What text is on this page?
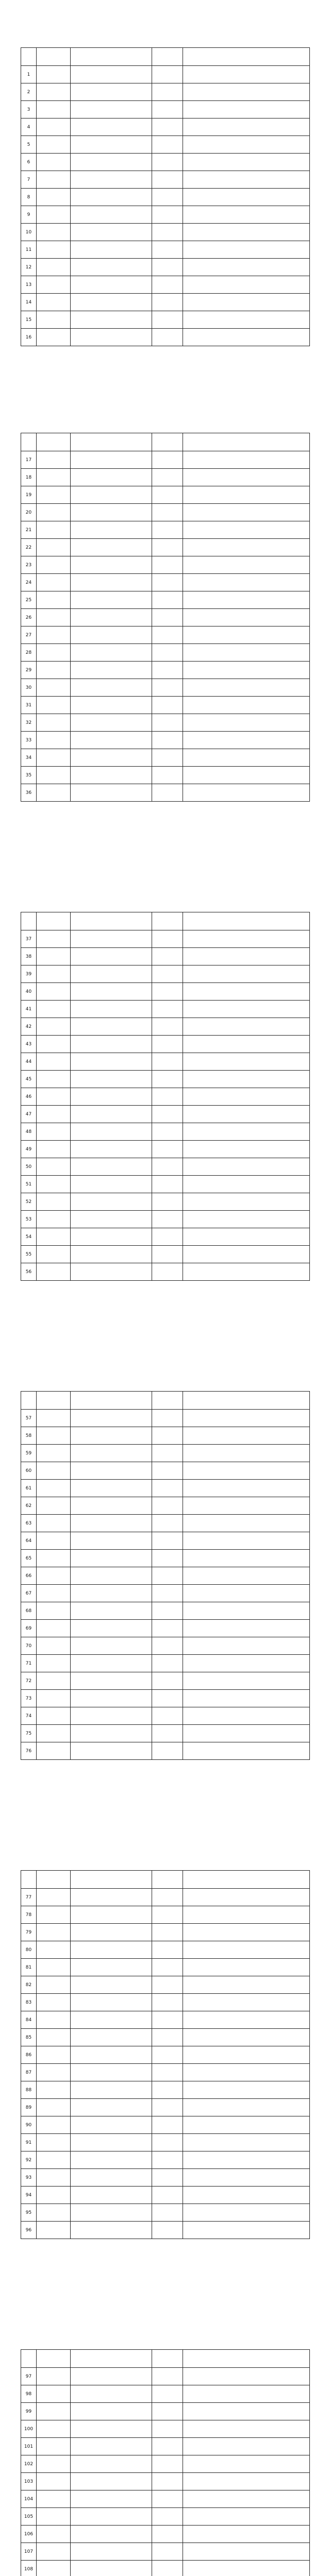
1				
2				
3				
4				
5				
6				
7				
8				
9				
10				
11				
12				
13				
14				
15				
16				

17				
18				
19				
20				
21				
22				
23				
24				
25				
26				
27				
28				
29				
30				
31				
32				
33				
34				
35				
36				

37				
38				
39				
40				
41				
42				
43				
44				
45				
46				
47				
48				
49				
50				
51				
52				
53				
54				
55				
56				

57				
58				
59				
60				
61				
62				
63				
64				
65				
66				
67				
68				
69				
70				
71				
72				
73				
74				
75				
76				

77				
78				
79				
80				
81				
82				
83				
84				
85				
86				
87				
88				
89				
90				
91				
92				
93				
94				
95				
96				

97				
98				
99				
100				
101				
102				
103				
104				
105				
106				
107				
108				
